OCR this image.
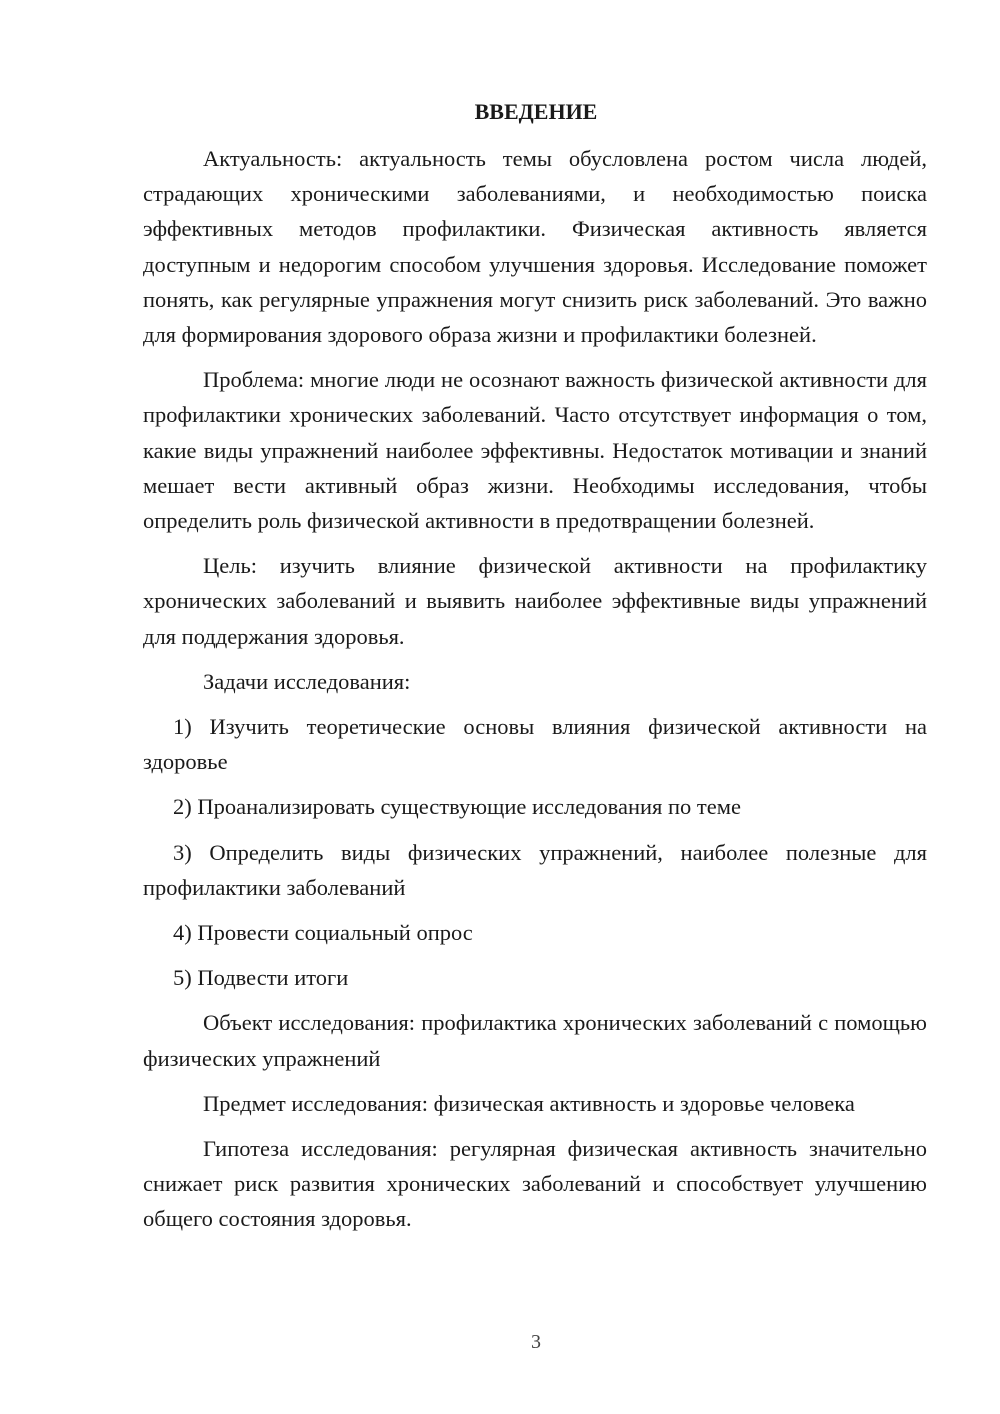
ВВЕДЕНИЕ

Актуальность: актуальность темы обусловлена ростом числа людей, страдающих хроническими заболеваниями, и необходимостью поиска эффективных методов профилактики. Физическая активность является доступным и недорогим способом улучшения здоровья. Исследование поможет понять, как регулярные упражнения могут снизить риск заболеваний. Это важно для формирования здорового образа жизни и профилактики болезней.

Проблема: многие люди не осознают важность физической активности для профилактики хронических заболеваний. Часто отсутствует информация о том, какие виды упражнений наиболее эффективны. Недостаток мотивации и знаний мешает вести активный образ жизни. Необходимы исследования, чтобы определить роль физической активности в предотвращении болезней.

Цель: изучить влияние физической активности на профилактику хронических заболеваний и выявить наиболее эффективные виды упражнений для поддержания здоровья.

Задачи исследования:

1) Изучить теоретические основы влияния физической активности на здоровье

2) Проанализировать существующие исследования по теме

3) Определить виды физических упражнений, наиболее полезные для профилактики заболеваний

4) Провести социальный опрос

5) Подвести итоги

Объект исследования: профилактика хронических заболеваний с помощью физических упражнений

Предмет исследования: физическая активность и здоровье человека

Гипотеза исследования: регулярная физическая активность значительно снижает риск развития хронических заболеваний и способствует улучшению общего состояния здоровья.

3
